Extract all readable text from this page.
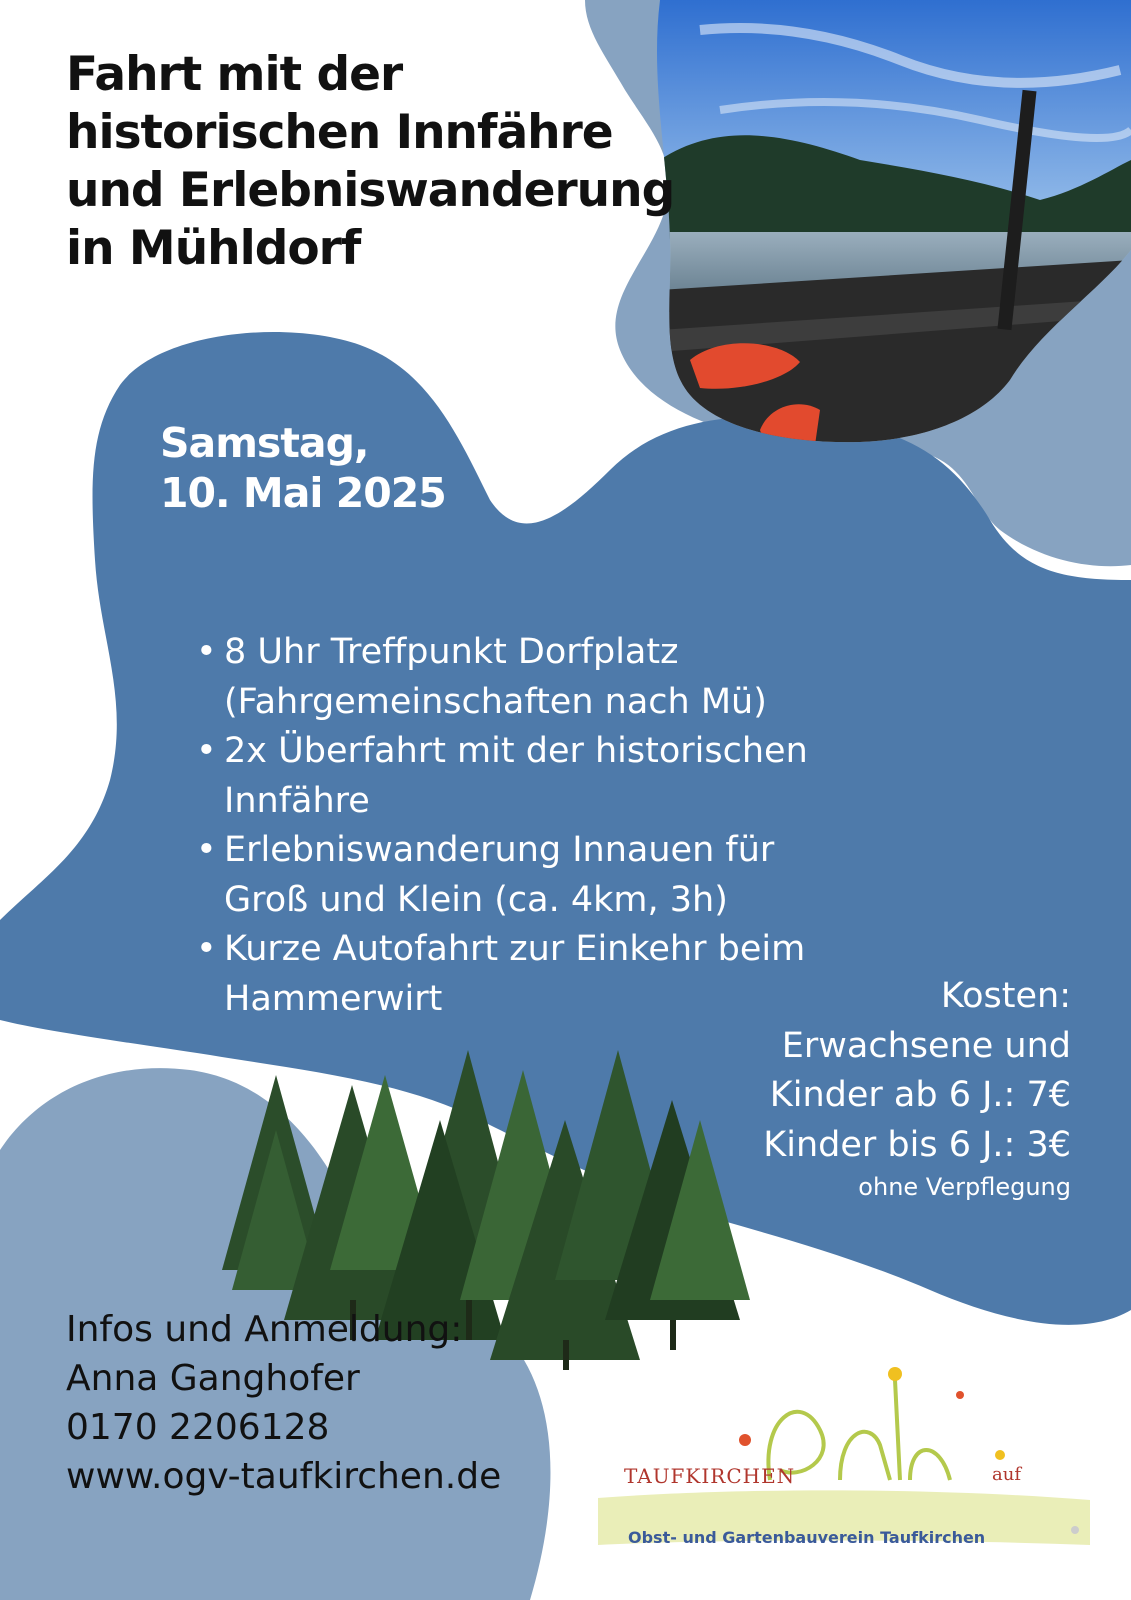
Fahrt mit der
historischen Innfähre
und Erlebniswanderung
in Mühldorf
Samstag,
10. Mai 2025
• 8 Uhr Treffpunkt Dorfplatz
(Fahrgemeinschaften nach Mü)
• 2x Überfahrt mit der historischen
Innfähre
• Erlebniswanderung Innauen für
Groß und Klein (ca. 4km, 3h)
• Kurze Autofahrt zur Einkehr beim
Hammerwirt	Kosten:
Erwachsene und
Kinder ab 6 J.: 7€
Kinder bis 6 J.: 3€
ohne Verpflegung
Infos und Anmeldung:
Anna Ganghofer
0170 2206128
www.ogv-taufkirchen.de	TAUFKIRCHEN	auf
Obst- und Gartenbauverein Taufkirchen
